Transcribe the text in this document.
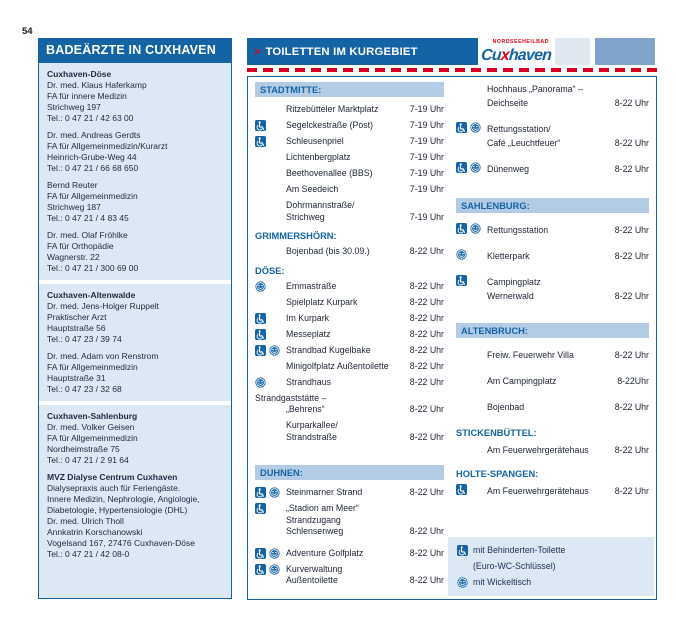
54
BADEÄRZTE IN CUXHAVEN
Cuxhaven-Döse
Dr. med. Klaus Haferkamp
FA für innere Medizin
Strichweg 197
Tel.: 0 47 21 / 42 63 00
Dr. med. Andreas Gerdts
FA für Allgemeinmedizin/Kurarzt
Heinrich-Grube-Weg 44
Tel.: 0 47 21 / 66 68 650
Bernd Reuter
FA für Allgemeinmedizin
Strichweg 187
Tel.: 0 47 21 / 4 83 45
Dr. med. Olaf Fröhlke
FA für Orthopädie
Wagnerstr. 22
Tel.: 0 47 21 / 300 69 00
Cuxhaven-Altenwalde
Dr. med. Jens-Holger Ruppelt
Praktischer Arzt
Hauptstraße 56
Tel.: 0 47 23 / 39 74
Dr. med. Adam von Renstrom
FA für Allgemeinmedizin
Hauptstraße 31
Tel.: 0 47 23 / 32 68
Cuxhaven-Sahlenburg
Dr. med. Volker Geisen
FA für Allgemeinmedizin
Nordheimstraße 75
Tel.: 0 47 21 / 2 91 64
MVZ Dialyse Centrum Cuxhaven
Dialysepraxis auch für Feriengäste.
Innere Medizin, Nephrologie, Angiologie,
Diabetologie, Hypertensiologie (DHL)
Dr. med. Ulrich Tholl
Annkatrin Korschanowski
Vogelsand 167, 27476 Cuxhaven-Döse
Tel.: 0 47 21 / 42 08-0
> TOILETTEN IM KURGEBIET
NORDSEEHEILBAD
Cuxhaven
STADTMITTE:
Ritzebütteler Marktplatz	7-19 Uhr
Segelckestraße (Post)	7-19 Uhr
Schleusenpriel	7-19 Uhr
Lichtenbergplatz	7-19 Uhr
Beethovenallee (BBS)	7-19 Uhr
Am Seedeich	7-19 Uhr
Dohrmannstraße/
Strichweg	7-19 Uhr
GRIMMERSHÖRN:
Bojenbad (bis 30.09.)	8-22 Uhr
DÖSE:
Emmastraße	8-22 Uhr
Spielplatz Kurpark	8-22 Uhr
Im Kurpark	8-22 Uhr
Messeplatz	8-22 Uhr
Strandbad Kugelbake	8-22 Uhr
Minigolfplatz Außentoilette	8-22 Uhr
Strandhaus	8-22 Uhr
Strandgaststätte –
„Behrens“	8-22 Uhr
Kurparkallee/
Strandstraße	8-22 Uhr
DUHNEN:
Steinmarner Strand	8-22 Uhr
„Stadion am Meer“
Strandzugang
Schlensenweg	8-22 Uhr
Adventure Golfplatz	8-22 Uhr
Kurverwaltung
Außentoilette	8-22 Uhr
Hochhaus „Panorama“ –
Deichseite	8-22 Uhr
Rettungsstation/
Café „Leuchtfeuer“	8-22 Uhr
Dünenweg	8-22 Uhr
SAHLENBURG:
Rettungsstation	8-22 Uhr
Kletterpark	8-22 Uhr
Campingplatz
Wernerwald	8-22 Uhr
ALTENBRUCH:
Freiw. Feuerwehr Villa	8-22 Uhr
Am Campingplatz	8-22Uhr
Bojenbad	8-22 Uhr
STICKENBÜTTEL:
Am Feuerwehrgerätehaus	8-22 Uhr
HOLTE-SPANGEN:
Am Feuerwehrgerätehaus	8-22 Uhr
mit Behinderten-Toilette
(Euro-WC-Schlüssel)
mit Wickeltisch
